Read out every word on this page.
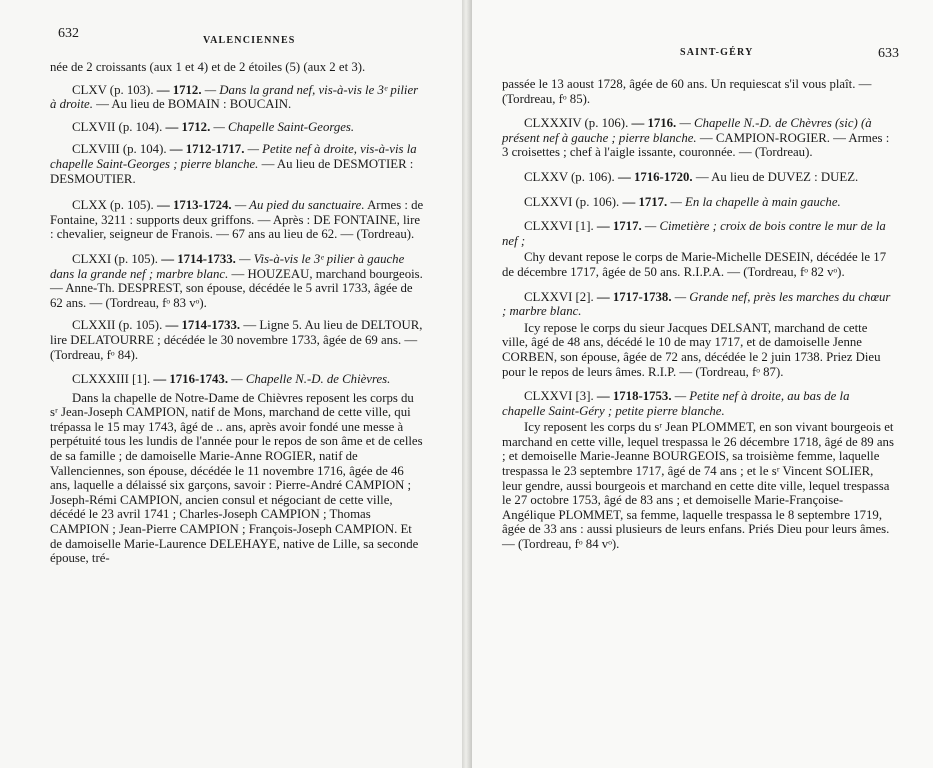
632	VALENCIENNES

née de 2 croissants (aux 1 et 4) et de 2 étoiles (5) (aux 2 et 3).

CLXV (p. 103). — 1712. — Dans la grand nef, vis-à-vis le 3ᵉ pilier à droite. — Au lieu de BOMAIN : BOUCAIN.

CLXVII (p. 104). — 1712. — Chapelle Saint-Georges.

CLXVIII (p. 104). — 1712-1717. — Petite nef à droite, vis-à-vis la chapelle Saint-Georges ; pierre blanche. — Au lieu de DESMOTIER : DESMOUTIER.

CLXX (p. 105). — 1713-1724. — Au pied du sanctuaire. Armes : de Fontaine, 3211 : supports deux griffons. — Après : DE FONTAINE, lire : chevalier, seigneur de Franois. — 67 ans au lieu de 62. — (Tordreau).

CLXXI (p. 105). — 1714-1733. — Vis-à-vis le 3ᵉ pilier à gauche dans la grande nef ; marbre blanc. — HOUZEAU, marchand bourgeois. — Anne-Th. DESPREST, son épouse, décédée le 5 avril 1733, âgée de 62 ans. — (Tordreau, fᵒ 83 vᵒ).

CLXXII (p. 105). — 1714-1733. — Ligne 5. Au lieu de DELTOUR, lire DELATOURRE ; décédée le 30 novembre 1733, âgée de 69 ans. — (Tordreau, fᵒ 84).

CLXXXIII [1]. — 1716-1743. — Chapelle N.-D. de Chièvres.

Dans la chapelle de Notre-Dame de Chièvres reposent les corps du sʳ Jean-Joseph CAMPION, natif de Mons, marchand de cette ville, qui trépassa le 15 may 1743, âgé de .. ans, après avoir fondé une messe à perpétuité tous les lundis de l'année pour le repos de son âme et de celles de sa famille ; de damoiselle Marie-Anne ROGIER, natif de Vallenciennes, son épouse, décédée le 11 novembre 1716, âgée de 46 ans, laquelle a délaissé six garçons, savoir : Pierre-André CAMPION ; Joseph-Rémi CAMPION, ancien consul et négociant de cette ville, décédé le 23 avril 1741 ; Charles-Joseph CAMPION ; Thomas CAMPION ; Jean-Pierre CAMPION ; François-Joseph CAMPION. Et de damoiselle Marie-Laurence DELEHAYE, native de Lille, sa seconde épouse, tré-

SAINT-GÉRY	633

passée le 13 aoust 1728, âgée de 60 ans. Un requiescat s'il vous plaît. — (Tordreau, fᵒ 85).

CLXXXIV (p. 106). — 1716. — Chapelle N.-D. de Chèvres (sic) (à présent nef à gauche ; pierre blanche. — CAMPION-ROGIER. — Armes : 3 croisettes ; chef à l'aigle issante, couronnée. — (Tordreau).

CLXXV (p. 106). — 1716-1720. — Au lieu de DUVEZ : DUEZ.

CLXXVI (p. 106). — 1717. — En la chapelle à main gauche.

CLXXVI [1]. — 1717. — Cimetière ; croix de bois contre le mur de la nef ;

Chy devant repose le corps de Marie-Michelle DESEIN, décédée le 17 de décembre 1717, âgée de 50 ans. R.I.P.A. — (Tordreau, fᵒ 82 vᵒ).

CLXXVI [2]. — 1717-1738. — Grande nef, près les marches du chœur ; marbre blanc.

Icy repose le corps du sieur Jacques DELSANT, marchand de cette ville, âgé de 48 ans, décédé le 10 de may 1717, et de damoiselle Jenne CORBEN, son épouse, âgée de 72 ans, décédée le 2 juin 1738. Priez Dieu pour le repos de leurs âmes. R.I.P. — (Tordreau, fᵒ 87).

CLXXVI [3]. — 1718-1753. — Petite nef à droite, au bas de la chapelle Saint-Géry ; petite pierre blanche.

Icy reposent les corps du sʳ Jean PLOMMET, en son vivant bourgeois et marchand en cette ville, lequel trespassa le 26 décembre 1718, âgé de 89 ans ; et demoiselle Marie-Jeanne BOURGEOIS, sa troisième femme, laquelle trespassa le 23 septembre 1717, âgé de 74 ans ; et le sʳ Vincent SOLIER, leur gendre, aussi bourgeois et marchand en cette dite ville, lequel trespassa le 27 octobre 1753, âgé de 83 ans ; et demoiselle Marie-Françoise-Angélique PLOMMET, sa femme, laquelle trespassa le 8 septembre 1719, âgée de 33 ans : aussi plusieurs de leurs enfans. Priés Dieu pour leurs âmes. — (Tordreau, fᵒ 84 vᵒ).
